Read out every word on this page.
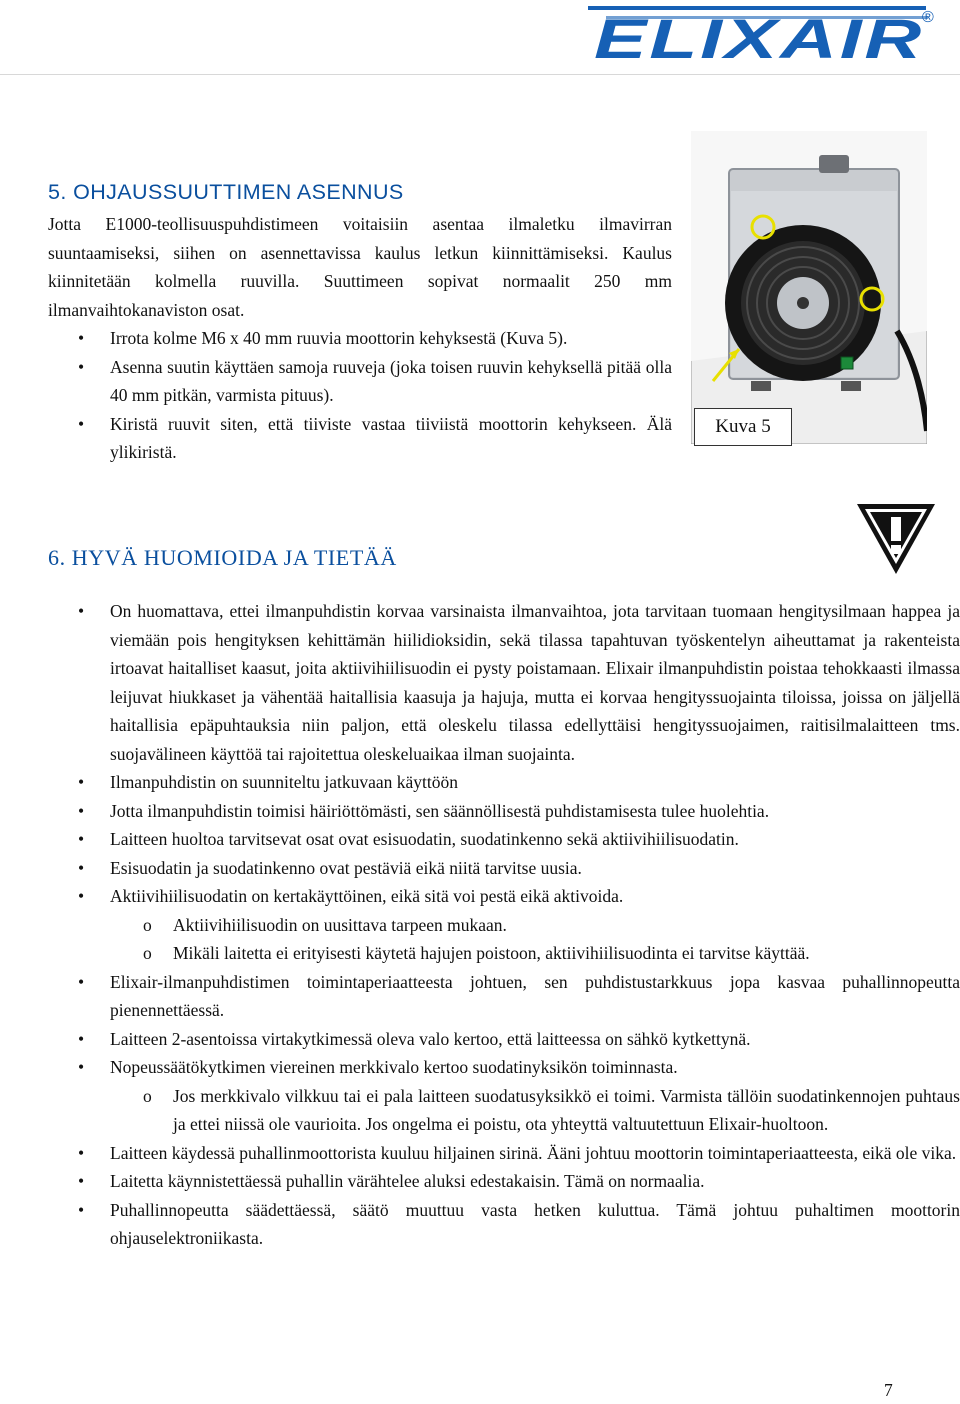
ELIXAIR
®
5. OHJAUSSUUTTIMEN ASENNUS

Jotta E1000-teollisuuspuhdistimeen voitaisiin asentaa ilmaletku ilmavirran suuntaamiseksi, siihen on asennettavissa kaulus letkun kiinnittämiseksi. Kaulus kiinnitetään kolmella ruuvilla. Suuttimeen sopivat normaalit 250 mm ilmanvaihtokanaviston osat.

• Irrota kolme M6 x 40 mm ruuvia moottorin kehyksestä (Kuva 5).
• Asenna suutin käyttäen samoja ruuveja (joka toisen ruuvin kehyksellä pitää olla 40 mm pitkän, varmista pituus).
• Kiristä ruuvit siten, että tiiviste vastaa tiiviistä moottorin kehykseen. Älä ylikiristä.
Kuva 5
6. HYVÄ HUOMIOIDA JA TIETÄÄ
• On huomattava, ettei ilmanpuhdistin korvaa varsinaista ilmanvaihtoa, jota tarvitaan tuomaan hengitysilmaan happea ja viemään pois hengityksen kehittämän hiilidioksidin, sekä tilassa tapahtuvan työskentelyn aiheuttamat ja rakenteista irtoavat haitalliset kaasut, joita aktiivihiilisuodin ei pysty poistamaan. Elixair ilmanpuhdistin poistaa tehokkaasti ilmassa leijuvat hiukkaset ja vähentää haitallisia kaasuja ja hajuja, mutta ei korvaa hengityssuojainta tiloissa, joissa on jäljellä haitallisia epäpuhtauksia niin paljon, että oleskelu tilassa edellyttäisi hengityssuojaimen, raitisilmalaitteen tms. suojavälineen käyttöä tai rajoitettua oleskeluaikaa ilman suojainta.
• Ilmanpuhdistin on suunniteltu jatkuvaan käyttöön
• Jotta ilmanpuhdistin toimisi häiriöttömästi, sen säännöllisestä puhdistamisesta tulee huolehtia.
• Laitteen huoltoa tarvitsevat osat ovat esisuodatin, suodatinkenno sekä aktiivihiilisuodatin.
• Esisuodatin ja suodatinkenno ovat pestäviä eikä niitä tarvitse uusia.
• Aktiivihiilisuodatin on kertakäyttöinen, eikä sitä voi pestä eikä aktivoida.
o Aktiivihiilisuodin on uusittava tarpeen mukaan.
o Mikäli laitetta ei erityisesti käytetä hajujen poistoon, aktiivihiilisuodinta ei tarvitse käyttää.
• Elixair-ilmanpuhdistimen toimintaperiaatteesta johtuen, sen puhdistustarkkuus jopa kasvaa puhallinnopeutta pienennettäessä.
• Laitteen 2-asentoissa virtakytkimessä oleva valo kertoo, että laitteessa on sähkö kytkettynä.
• Nopeussäätökytkimen viereinen merkkivalo kertoo suodatinyksikön toiminnasta.
o Jos merkkivalo vilkkuu tai ei pala laitteen suodatusyksikkö ei toimi. Varmista tällöin suodatinkennojen puhtaus ja ettei niissä ole vaurioita. Jos ongelma ei poistu, ota yhteyttä valtuutettuun Elixair-huoltoon.
• Laitteen käydessä puhallinmoottorista kuuluu hiljainen sirinä. Ääni johtuu moottorin toimintaperiaatteesta, eikä ole vika.
• Laitetta käynnistettäessä puhallin värähtelee aluksi edestakaisin. Tämä on normaalia.
• Puhallinnopeutta säädettäessä, säätö muuttuu vasta hetken kuluttua. Tämä johtuu puhaltimen moottorin ohjauselektroniikasta.
7
